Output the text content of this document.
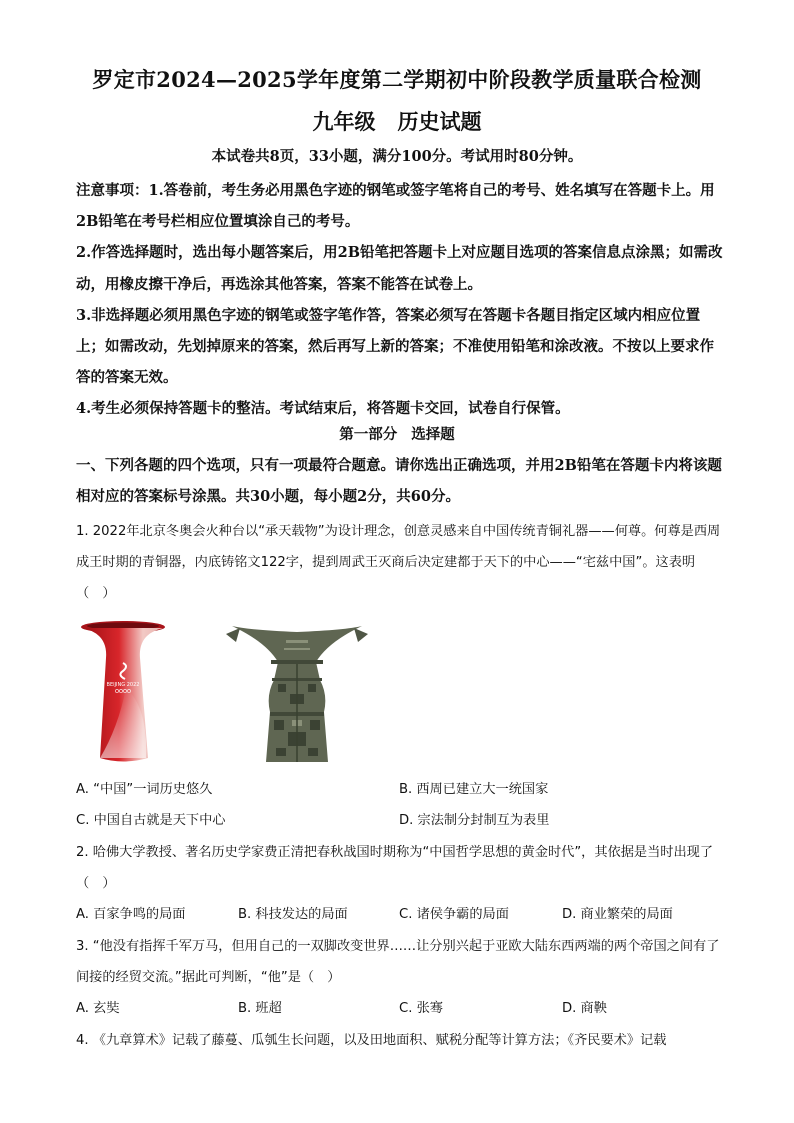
罗定市2024—2025学年度第二学期初中阶段教学质量联合检测
九年级 历史试题
本试卷共8页，33小题，满分100分。考试用时80分钟。

注意事项：1.答卷前，考生务必用黑色字迹的钢笔或签字笔将自己的考号、姓名填写在答题卡上。用2B铅笔在考号栏相应位置填涂自己的考号。

2.作答选择题时，选出每小题答案后，用2B铅笔把答题卡上对应题目选项的答案信息点涂黑；如需改动，用橡皮擦干净后，再选涂其他答案，答案不能答在试卷上。

3.非选择题必须用黑色字迹的钢笔或签字笔作答，答案必须写在答题卡各题目指定区域内相应位置上；如需改动，先划掉原来的答案，然后再写上新的答案；不准使用铅笔和涂改液。不按以上要求作答的答案无效。

4.考生必须保持答题卡的整洁。考试结束后，将答题卡交回，试卷自行保管。

第一部分 选择题

一、下列各题的四个选项，只有一项最符合题意。请你选出正确选项，并用2B铅笔在答题卡内将该题相对应的答案标号涂黑。共30小题，每小题2分，共60分。

1. 2022年北京冬奥会火种台以“承天载物”为设计理念，创意灵感来自中国传统青铜礼器——何尊。何尊是西周成王时期的青铜器，内底铸铭文122字，提到周武王灭商后决定建都于天下的中心——“宅兹中国”。这表明（　）

BEIJING 2022
A. “中国”一词历史悠久	B. 西周已建立大一统国家
C. 中国自古就是天下中心	D. 宗法制分封制互为表里

2. 哈佛大学教授、著名历史学家费正清把春秋战国时期称为“中国哲学思想的黄金时代”，其依据是当时出现了（　）

A. 百家争鸣的局面	B. 科技发达的局面	C. 诸侯争霸的局面	D. 商业繁荣的局面

3. “他没有指挥千军万马，但用自己的一双脚改变世界……让分别兴起于亚欧大陆东西两端的两个帝国之间有了间接的经贸交流。”据此可判断，“他”是（　）

A. 玄奘	B. 班超	C. 张骞	D. 商鞅

4. 《九章算术》记载了藤蔓、瓜瓠生长问题，以及田地面积、赋税分配等计算方法；《齐民要术》记载
